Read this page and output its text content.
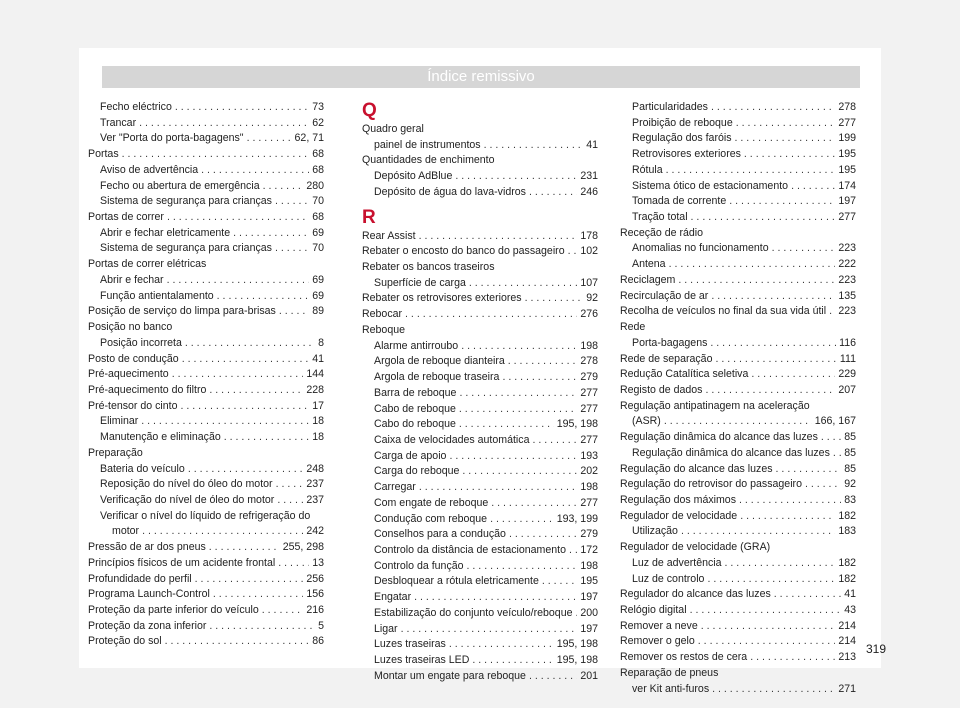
Índice remissivo
Fecho eléctrico . . .	73
Trancar . . .	62
Ver "Porta do porta-bagagens" . . .	62, 71
Portas . . .	68
Aviso de advertência . . .	68
Fecho ou abertura de emergência . . .	280
Sistema de segurança para crianças . . .	70
Portas de correr . . .	68
Abrir e fechar eletricamente . . .	69
Sistema de segurança para crianças . . .	70
Portas de correr elétricas
Abrir e fechar . . .	69
Função antientalamento . . .	69
Posição de serviço do limpa para-brisas . . .	89
Posição no banco
Posição incorreta . . .	8
Posto de condução . . .	41
Pré-aquecimento . . .	144
Pré-aquecimento do filtro . . .	228
Pré-tensor do cinto . . .	17
Eliminar . . .	18
Manutenção e eliminação . . .	18
Preparação
Bateria do veículo . . .	248
Reposição do nível do óleo do motor . . .	237
Verificação do nível de óleo do motor . . .	237
Verificar o nível do líquido de refrigeração do
motor . . .	242
Pressão de ar dos pneus . . .	255, 298
Princípios físicos de um acidente frontal . . .	13
Profundidade do perfil . . .	256
Programa Launch-Control . . .	156
Proteção da parte inferior do veículo . . .	216
Proteção da zona inferior . . .	5
Proteção do sol . . .	86
Q
Quadro geral
painel de instrumentos . . .	41
Quantidades de enchimento
Depósito AdBlue . . .	231
Depósito de água do lava-vidros . . .	246
R
Rear Assist . . .	178
Rebater o encosto do banco do passageiro . . . 102
Rebater os bancos traseiros
Superfície de carga . . .	107
Rebater os retrovisores exteriores . . .	92
Rebocar . . .	276
Reboque
Alarme antirroubo . . .	198
Argola de reboque dianteira . . .	278
Argola de reboque traseira . . .	279
Barra de reboque . . .	277
Cabo de reboque . . .	277
Cabo do reboque . . .	195, 198
Caixa de velocidades automática . . .	277
Carga de apoio . . .	193
Carga do reboque . . .	202
Carregar . . .	198
Com engate de reboque . . .	277
Condução com reboque . . .	193, 199
Conselhos para a condução . . .	279
Controlo da distância de estacionamento . . . 172
Controlo da função . . .	198
Desbloquear a rótula eletricamente . . .	195
Engatar . . .	197
Estabilização do conjunto veículo/reboque . . . 200
Ligar . . .	197
Luzes traseiras . . .	195, 198
Luzes traseiras LED . . .	195, 198
Montar um engate para reboque . . .	201
Particularidades . . .	278
Proibição de reboque . . .	277
Regulação dos faróis . . .	199
Retrovisores exteriores . . .	195
Rótula . . .	195
Sistema ótico de estacionamento . . .	174
Tomada de corrente . . .	197
Tração total . . .	277
Receção de rádio
Anomalias no funcionamento . . .	223
Antena . . .	222
Reciclagem . . .	223
Recirculação de ar . . .	135
Recolha de veículos no final da sua vida útil . . . 223
Rede
Porta-bagagens . . .	116
Rede de separação . . .	111
Redução Catalítica seletiva . . .	229
Registo de dados . . .	207
Regulação antipatinagem na aceleração
(ASR) . . .	166, 167
Regulação dinâmica do alcance das luzes . . . 85
Regulação dinâmica do alcance das luzes . . . 85
Regulação do alcance das luzes . . .	85
Regulação do retrovisor do passageiro . . .	92
Regulação dos máximos . . .	83
Regulador de velocidade . . .	182
Utilização . . .	183
Regulador de velocidade (GRA)
Luz de advertência . . .	182
Luz de controlo . . .	182
Regulador do alcance das luzes . . .	41
Relógio digital . . .	43
Remover a neve . . .	214
Remover o gelo . . .	214
Remover os restos de cera . . .	213
Reparação de pneus
ver Kit anti-furos . . .	271
319
